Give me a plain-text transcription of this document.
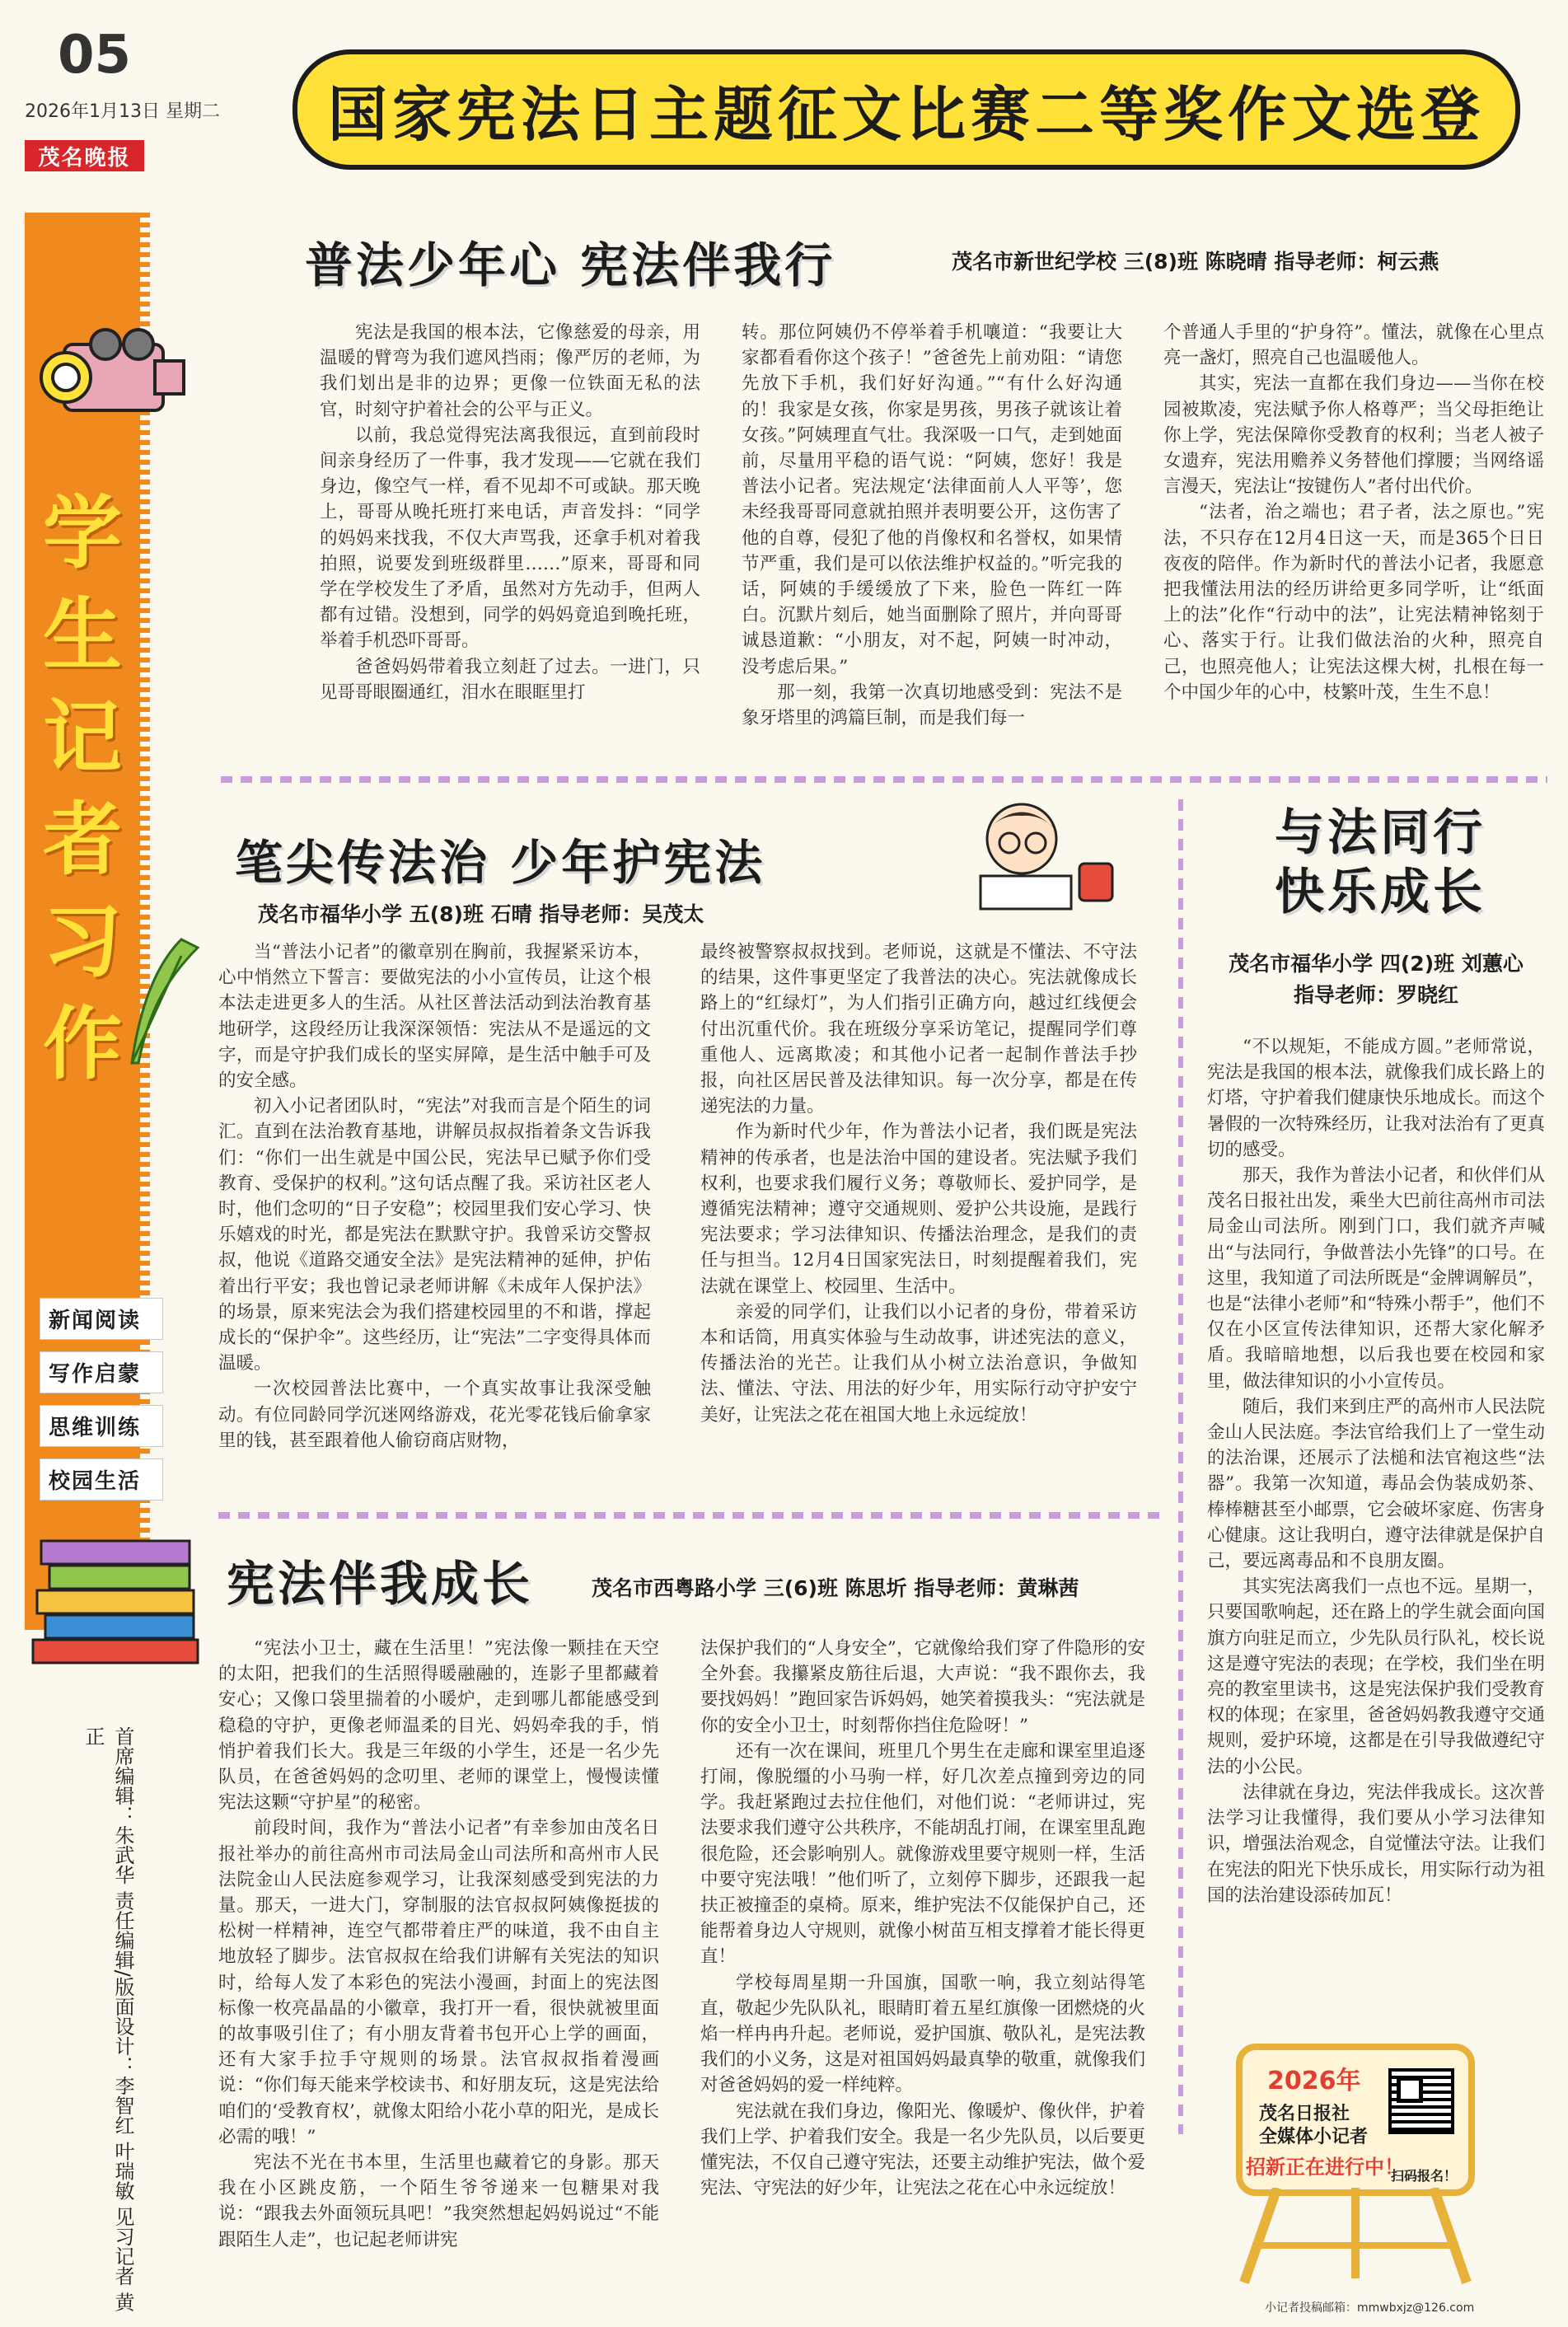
05
2026年1月13日 星期二
茂名晚报
国家宪法日主题征文比赛二等奖作文选登
学生记者习作
新闻阅读
写作启蒙
思维训练
校园生活
首席编辑：朱武华 责任编辑/版面设计：李智红 叶瑞敏 见习记者 黄正
普法少年心 宪法伴我行	茂名市新世纪学校 三(8)班 陈晓晴 指导老师：柯云燕

宪法是我国的根本法，它像慈爱的母亲，用温暖的臂弯为我们遮风挡雨；像严厉的老师，为我们划出是非的边界；更像一位铁面无私的法官，时刻守护着社会的公平与正义。

以前，我总觉得宪法离我很远，直到前段时间亲身经历了一件事，我才发现——它就在我们身边，像空气一样，看不见却不可或缺。那天晚上，哥哥从晚托班打来电话，声音发抖：“同学的妈妈来找我，不仅大声骂我，还拿手机对着我拍照，说要发到班级群里……”原来，哥哥和同学在学校发生了矛盾，虽然对方先动手，但两人都有过错。没想到，同学的妈妈竟追到晚托班，举着手机恐吓哥哥。

爸爸妈妈带着我立刻赶了过去。一进门，只见哥哥眼圈通红，泪水在眼眶里打

转。那位阿姨仍不停举着手机嚷道：“我要让大家都看看你这个孩子！”爸爸先上前劝阻：“请您先放下手机，我们好好沟通。”“有什么好沟通的！我家是女孩，你家是男孩，男孩子就该让着女孩。”阿姨理直气壮。我深吸一口气，走到她面前，尽量用平稳的语气说：“阿姨，您好！我是普法小记者。宪法规定‘法律面前人人平等’，您未经我哥哥同意就拍照并表明要公开，这伤害了他的自尊，侵犯了他的肖像权和名誉权，如果情节严重，我们是可以依法维护权益的。”听完我的话，阿姨的手缓缓放了下来，脸色一阵红一阵白。沉默片刻后，她当面删除了照片，并向哥哥诚恳道歉：“小朋友，对不起，阿姨一时冲动，没考虑后果。”

那一刻，我第一次真切地感受到：宪法不是象牙塔里的鸿篇巨制，而是我们每一

个普通人手里的“护身符”。懂法，就像在心里点亮一盏灯，照亮自己也温暖他人。

其实，宪法一直都在我们身边——当你在校园被欺凌，宪法赋予你人格尊严；当父母拒绝让你上学，宪法保障你受教育的权利；当老人被子女遗弃，宪法用赡养义务替他们撑腰；当网络谣言漫天，宪法让“按键伤人”者付出代价。

“法者，治之端也；君子者，法之原也。”宪法，不只存在12月4日这一天，而是365个日日夜夜的陪伴。作为新时代的普法小记者，我愿意把我懂法用法的经历讲给更多同学听，让“纸面上的法”化作“行动中的法”，让宪法精神铭刻于心、落实于行。让我们做法治的火种，照亮自己，也照亮他人；让宪法这棵大树，扎根在每一个中国少年的心中，枝繁叶茂，生生不息！

笔尖传法治 少年护宪法
茂名市福华小学 五(8)班 石晴 指导老师：吴茂太

当“普法小记者”的徽章别在胸前，我握紧采访本，心中悄然立下誓言：要做宪法的小小宣传员，让这个根本法走进更多人的生活。从社区普法活动到法治教育基地研学，这段经历让我深深领悟：宪法从不是遥远的文字，而是守护我们成长的坚实屏障，是生活中触手可及的安全感。

初入小记者团队时，“宪法”对我而言是个陌生的词汇。直到在法治教育基地，讲解员叔叔指着条文告诉我们：“你们一出生就是中国公民，宪法早已赋予你们受教育、受保护的权利。”这句话点醒了我。采访社区老人时，他们念叨的“日子安稳”；校园里我们安心学习、快乐嬉戏的时光，都是宪法在默默守护。我曾采访交警叔叔，他说《道路交通安全法》是宪法精神的延伸，护佑着出行平安；我也曾记录老师讲解《未成年人保护法》的场景，原来宪法会为我们搭建校园里的不和谐，撑起成长的“保护伞”。这些经历，让“宪法”二字变得具体而温暖。

一次校园普法比赛中，一个真实故事让我深受触动。有位同龄同学沉迷网络游戏，花光零花钱后偷拿家里的钱，甚至跟着他人偷窃商店财物，

最终被警察叔叔找到。老师说，这就是不懂法、不守法的结果，这件事更坚定了我普法的决心。宪法就像成长路上的“红绿灯”，为人们指引正确方向，越过红线便会付出沉重代价。我在班级分享采访笔记，提醒同学们尊重他人、远离欺凌；和其他小记者一起制作普法手抄报，向社区居民普及法律知识。每一次分享，都是在传递宪法的力量。

作为新时代少年，作为普法小记者，我们既是宪法精神的传承者，也是法治中国的建设者。宪法赋予我们权利，也要求我们履行义务；尊敬师长、爱护同学，是遵循宪法精神；遵守交通规则、爱护公共设施，是践行宪法要求；学习法律知识、传播法治理念，是我们的责任与担当。12月4日国家宪法日，时刻提醒着我们，宪法就在课堂上、校园里、生活中。

亲爱的同学们，让我们以小记者的身份，带着采访本和话筒，用真实体验与生动故事，讲述宪法的意义，传播法治的光芒。让我们从小树立法治意识，争做知法、懂法、守法、用法的好少年，用实际行动守护安宁美好，让宪法之花在祖国大地上永远绽放！

与法同行
快乐成长
茂名市福华小学 四(2)班 刘蕙心
指导老师：罗晓红

“不以规矩，不能成方圆。”老师常说，宪法是我国的根本法，就像我们成长路上的灯塔，守护着我们健康快乐地成长。而这个暑假的一次特殊经历，让我对法治有了更真切的感受。

那天，我作为普法小记者，和伙伴们从茂名日报社出发，乘坐大巴前往高州市司法局金山司法所。刚到门口，我们就齐声喊出“与法同行，争做普法小先锋”的口号。在这里，我知道了司法所既是“金牌调解员”，也是“法律小老师”和“特殊小帮手”，他们不仅在小区宣传法律知识，还帮大家化解矛盾。我暗暗地想，以后我也要在校园和家里，做法律知识的小小宣传员。

随后，我们来到庄严的高州市人民法院金山人民法庭。李法官给我们上了一堂生动的法治课，还展示了法槌和法官袍这些“法器”。我第一次知道，毒品会伪装成奶茶、棒棒糖甚至小邮票，它会破坏家庭、伤害身心健康。这让我明白，遵守法律就是保护自己，要远离毒品和不良朋友圈。

其实宪法离我们一点也不远。星期一，只要国歌响起，还在路上的学生就会面向国旗方向驻足而立，少先队员行队礼，校长说这是遵守宪法的表现；在学校，我们坐在明亮的教室里读书，这是宪法保护我们受教育权的体现；在家里，爸爸妈妈教我遵守交通规则，爱护环境，这都是在引导我做遵纪守法的小公民。

法律就在身边，宪法伴我成长。这次普法学习让我懂得，我们要从小学习法律知识，增强法治观念，自觉懂法守法。让我们在宪法的阳光下快乐成长，用实际行动为祖国的法治建设添砖加瓦！

宪法伴我成长	茂名市西粤路小学 三(6)班 陈思圻 指导老师：黄琳茜

“宪法小卫士，藏在生活里！”宪法像一颗挂在天空的太阳，把我们的生活照得暖融融的，连影子里都藏着安心；又像口袋里揣着的小暖炉，走到哪儿都能感受到稳稳的守护，更像老师温柔的目光、妈妈牵我的手，悄悄护着我们长大。我是三年级的小学生，还是一名少先队员，在爸爸妈妈的念叨里、老师的课堂上，慢慢读懂宪法这颗“守护星”的秘密。

前段时间，我作为“普法小记者”有幸参加由茂名日报社举办的前往高州市司法局金山司法所和高州市人民法院金山人民法庭参观学习，让我深刻感受到宪法的力量。那天，一进大门，穿制服的法官叔叔阿姨像挺拔的松树一样精神，连空气都带着庄严的味道，我不由自主地放轻了脚步。法官叔叔在给我们讲解有关宪法的知识时，给每人发了本彩色的宪法小漫画，封面上的宪法图标像一枚亮晶晶的小徽章，我打开一看，很快就被里面的故事吸引住了；有小朋友背着书包开心上学的画面，还有大家手拉手守规则的场景。法官叔叔指着漫画说：“你们每天能来学校读书、和好朋友玩，这是宪法给咱们的‘受教育权’，就像太阳给小花小草的阳光，是成长必需的哦！”

宪法不光在书本里，生活里也藏着它的身影。那天我在小区跳皮筋，一个陌生爷爷递来一包糖果对我说：“跟我去外面领玩具吧！”我突然想起妈妈说过“不能跟陌生人走”，也记起老师讲宪

法保护我们的“人身安全”，它就像给我们穿了件隐形的安全外套。我攥紧皮筋往后退，大声说：“我不跟你去，我要找妈妈！”跑回家告诉妈妈，她笑着摸我头：“宪法就是你的安全小卫士，时刻帮你挡住危险呀！”

还有一次在课间，班里几个男生在走廊和课室里追逐打闹，像脱缰的小马驹一样，好几次差点撞到旁边的同学。我赶紧跑过去拉住他们，对他们说：“老师讲过，宪法要求我们遵守公共秩序，不能胡乱打闹，在课室里乱跑很危险，还会影响别人。就像游戏里要守规则一样，生活中要守宪法哦！”他们听了，立刻停下脚步，还跟我一起扶正被撞歪的桌椅。原来，维护宪法不仅能保护自己，还能帮着身边人守规则，就像小树苗互相支撑着才能长得更直！

学校每周星期一升国旗，国歌一响，我立刻站得笔直，敬起少先队队礼，眼睛盯着五星红旗像一团燃烧的火焰一样冉冉升起。老师说，爱护国旗、敬队礼，是宪法教我们的小义务，这是对祖国妈妈最真挚的敬重，就像我们对爸爸妈妈的爱一样纯粹。

宪法就在我们身边，像阳光、像暖炉、像伙伴，护着我们上学、护着我们安全。我是一名少先队员，以后要更懂宪法，不仅自己遵守宪法，还要主动维护宪法，做个爱宪法、守宪法的好少年，让宪法之花在心中永远绽放！

2026年
茂名日报社
全媒体小记者
招新正在进行中！
扫码报名！
小记者投稿邮箱：mmwbxjz@126.com
